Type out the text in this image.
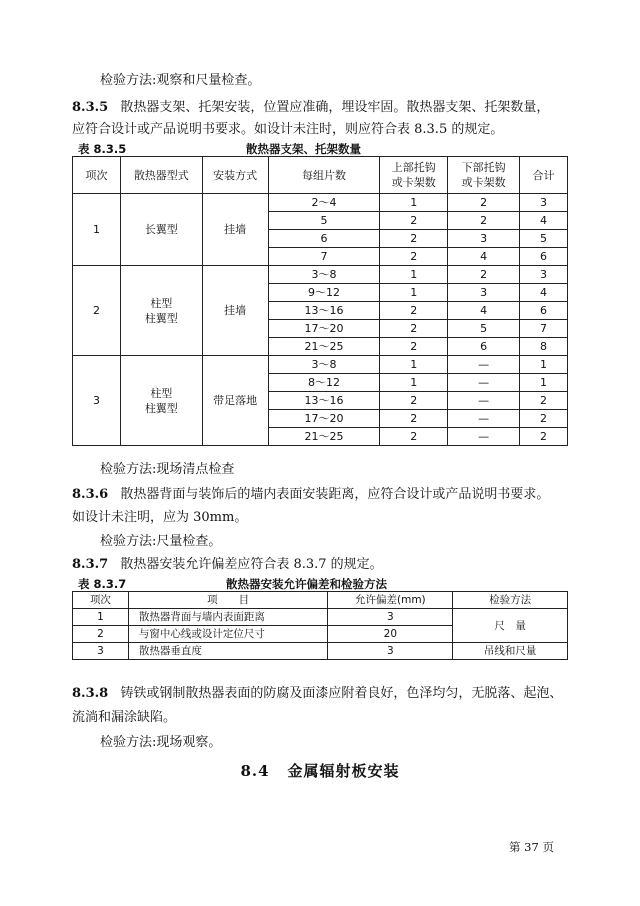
检验方法:观察和尺量检查。
8.3.5 散热器支架、托架安装，位置应准确，埋设牢固。散热器支架、托架数量，
应符合设计或产品说明书要求。如设计未注时，则应符合表 8.3.5 的规定。
表 8.3.5	散热器支架、托架数量
项次	散热器型式	安装方式	每组片数	上部托钩
或卡架数	下部托钩
或卡架数	合计
1	长翼型	挂墙	2～4	1	2	3
			5	2	2	4
			6	2	3	5
			7	2	4	6
2	柱型
柱翼型	挂墙	3～8	1	2	3
			9～12	1	3	4
			13～16	2	4	6
			17～20	2	5	7
			21～25	2	6	8
3	柱型
柱翼型	带足落地	3～8	1	—	1
			8～12	1	—	1
			13～16	2	—	2
			17～20	2	—	2
			21～25	2	—	2
检验方法:现场清点检查
8.3.6 散热器背面与装饰后的墙内表面安装距离，应符合设计或产品说明书要求。
如设计未注明，应为 30mm。
检验方法:尺量检查。
8.3.7 散热器安装允许偏差应符合表 8.3.7 的规定。
表 8.3.7	散热器安装允许偏差和检验方法
项次	项　　目	允许偏差(mm)	检验方法
1	散热器背面与墙内表面距离	3	尺　量
2	与窗中心线或设计定位尺寸	20	
3	散热器垂直度	3	吊线和尺量
8.3.8 铸铁或钢制散热器表面的防腐及面漆应附着良好，色泽均匀，无脱落、起泡、
流淌和漏涂缺陷。
检验方法:现场观察。
8.4 金属辐射板安装
第 37 页
